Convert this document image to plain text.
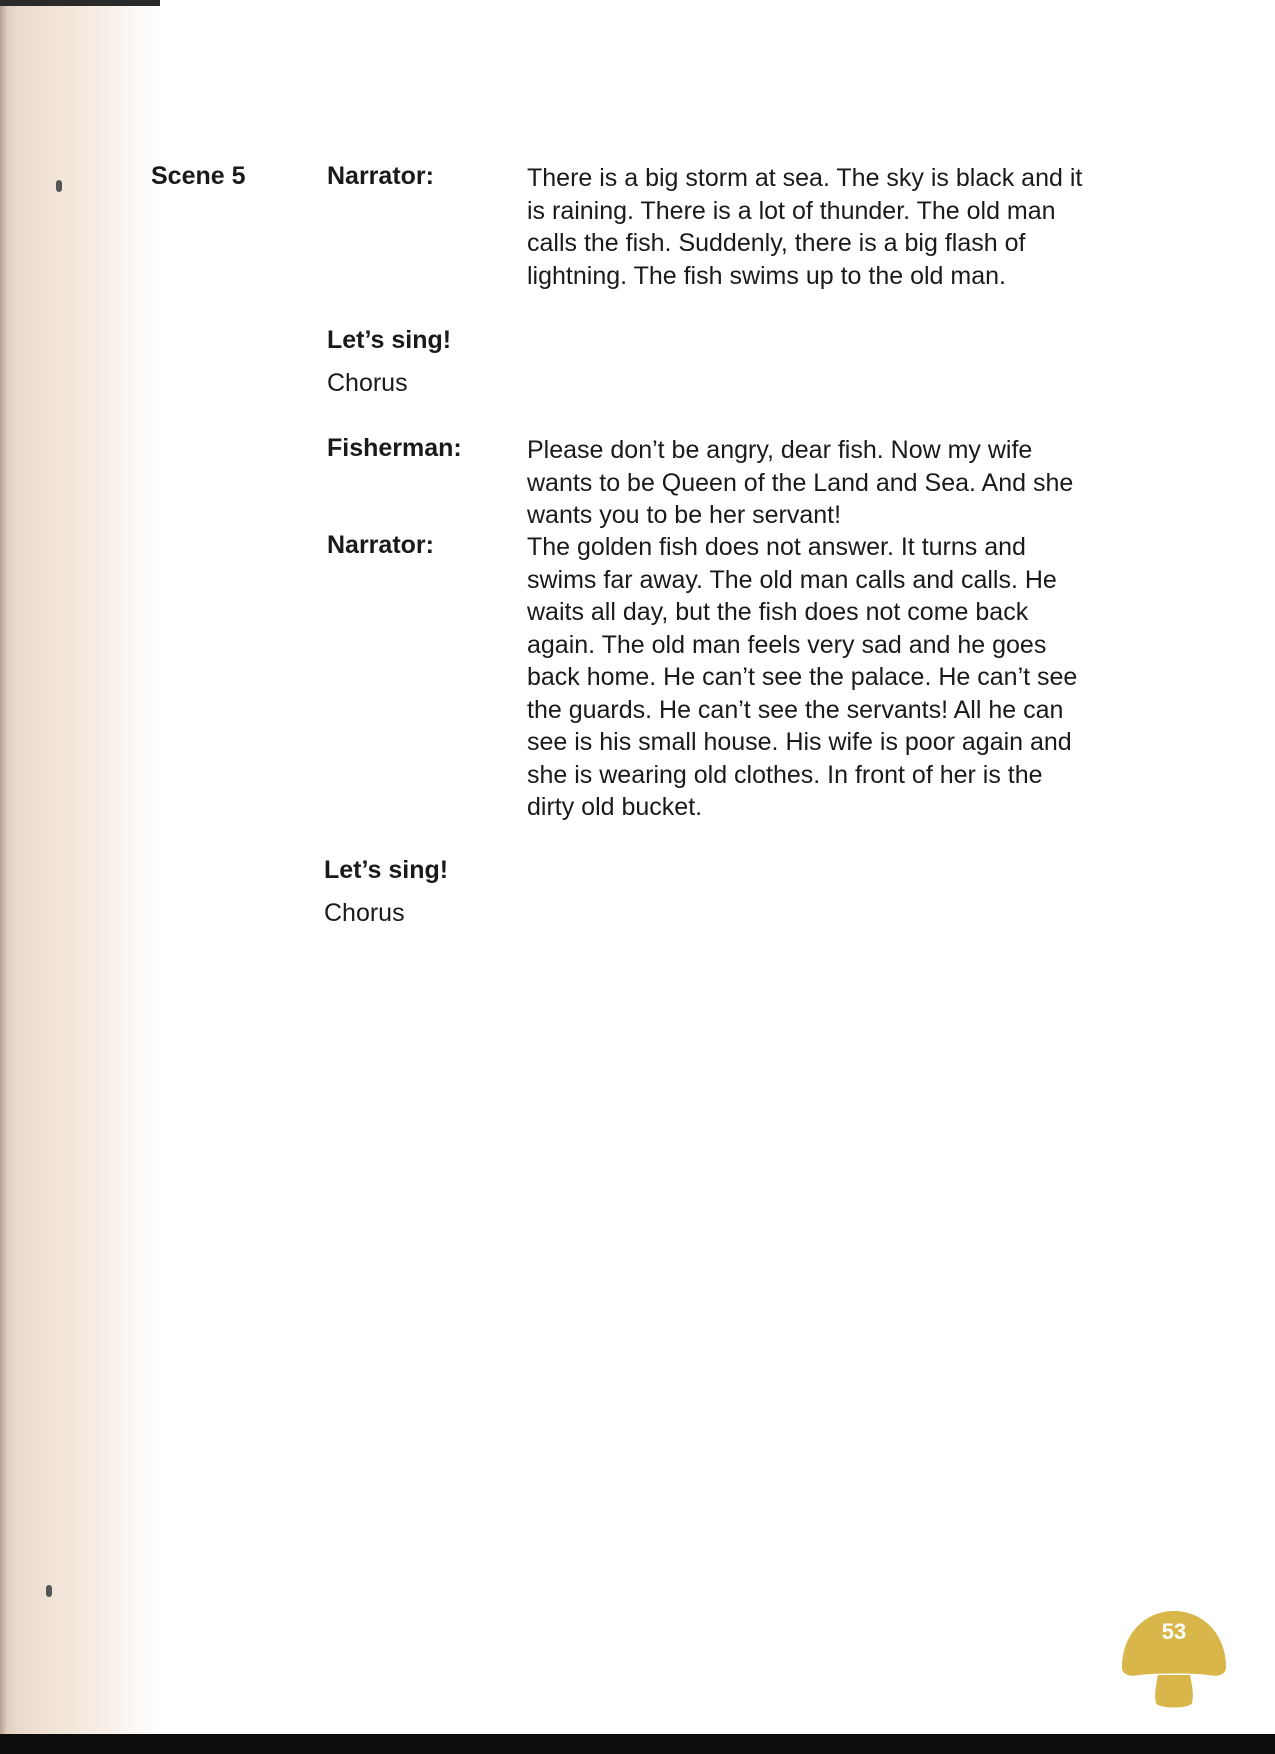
Scene 5	Narrator:	There is a big storm at sea. The sky is black and it

is raining. There is a lot of thunder. The old man

calls the fish. Suddenly, there is a big flash of

lightning. The fish swims up to the old man.

Let’s sing!
Chorus
Fisherman:	Please don’t be angry, dear fish. Now my wife

wants to be Queen of the Land and Sea. And she

wants you to be her servant!

Narrator:	The golden fish does not answer. It turns and

swims far away. The old man calls and calls. He

waits all day, but the fish does not come back

again. The old man feels very sad and he goes

back home. He can’t see the palace. He can’t see

the guards. He can’t see the servants! All he can

see is his small house. His wife is poor again and

she is wearing old clothes. In front of her is the

dirty old bucket.

Let’s sing!
Chorus
53
